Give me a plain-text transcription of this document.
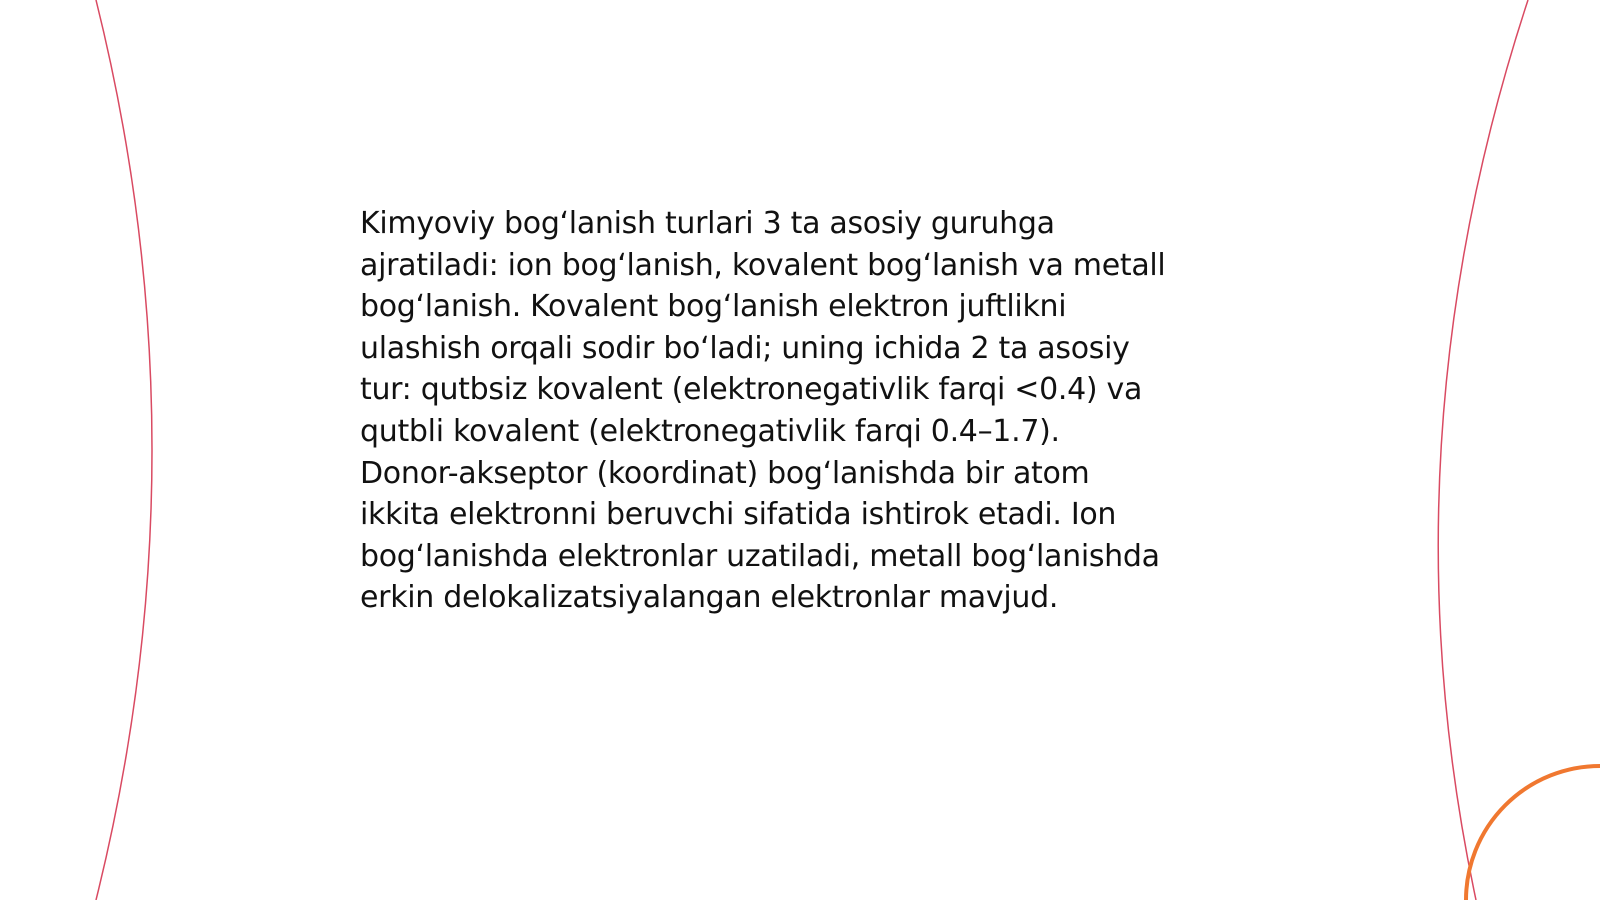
Kimyoviy bog‘lanish turlari 3 ta asosiy guruhga
ajratiladi: ion bog‘lanish, kovalent bog‘lanish va metall
bog‘lanish. Kovalent bog‘lanish elektron juftlikni
ulashish orqali sodir bo‘ladi; uning ichida 2 ta asosiy
tur: qutbsiz kovalent (elektronegativlik farqi <0.4) va
qutbli kovalent (elektronegativlik farqi 0.4–1.7).
Donor-akseptor (koordinat) bog‘lanishda bir atom
ikkita elektronni beruvchi sifatida ishtirok etadi. Ion
bog‘lanishda elektronlar uzatiladi, metall bog‘lanishda
erkin delokalizatsiyalangan elektronlar mavjud.
